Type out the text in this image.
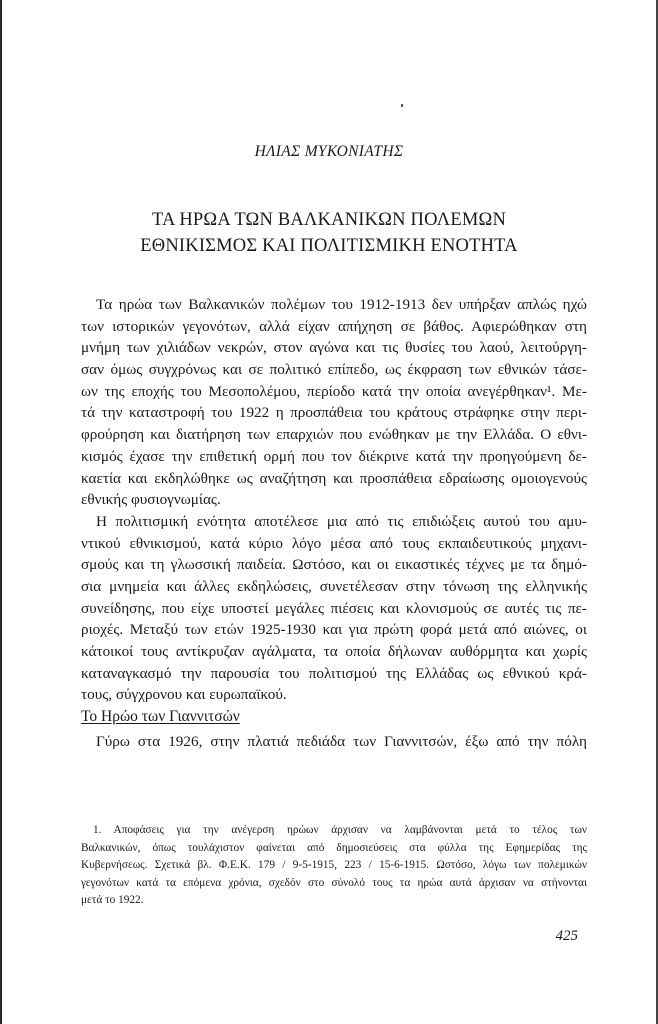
ΗΛΙΑΣ ΜΥΚΟΝΙΑΤΗΣ
ΤΑ ΗΡΩΑ ΤΩΝ ΒΑΛΚΑΝΙΚΩΝ ΠΟΛΕΜΩΝ
ΕΘΝΙΚΙΣΜΟΣ ΚΑΙ ΠΟΛΙΤΙΣΜΙΚΗ ΕΝΟΤΗΤΑ
Τα ηρώα των Βαλκανικών πολέμων του 1912-1913 δεν υπήρξαν απλώς ηχώ
των ιστορικών γεγονότων, αλλά είχαν απήχηση σε βάθος. Αφιερώθηκαν στη
μνήμη των χιλιάδων νεκρών, στον αγώνα και τις θυσίες του λαού, λειτούργη-
σαν όμως συγχρόνως και σε πολιτικό επίπεδο, ως έκφραση των εθνικών τάσε-
ων της εποχής του Μεσοπολέμου, περίοδο κατά την οποία ανεγέρθηκαν¹. Με-
τά την καταστροφή του 1922 η προσπάθεια του κράτους στράφηκε στην περι-
φρούρηση και διατήρηση των επαρχιών που ενώθηκαν με την Ελλάδα. Ο εθνι-
κισμός έχασε την επιθετική ορμή που τον διέκρινε κατά την προηγούμενη δε-
καετία και εκδηλώθηκε ως αναζήτηση και προσπάθεια εδραίωσης ομοιογενούς
εθνικής φυσιογνωμίας.
Η πολιτισμική ενότητα αποτέλεσε μια από τις επιδιώξεις αυτού του αμυ-
ντικού εθνικισμού, κατά κύριο λόγο μέσα από τους εκπαιδευτικούς μηχανι-
σμούς και τη γλωσσική παιδεία. Ωστόσο, και οι εικαστικές τέχνες με τα δημό-
σια μνημεία και άλλες εκδηλώσεις, συνετέλεσαν στην τόνωση της ελληνικής
συνείδησης, που είχε υποστεί μεγάλες πιέσεις και κλονισμούς σε αυτές τις πε-
ριοχές. Μεταξύ των ετών 1925-1930 και για πρώτη φορά μετά από αιώνες, οι
κάτοικοί τους αντίκρυζαν αγάλματα, τα οποία δήλωναν αυθόρμητα και χωρίς
καταναγκασμό την παρουσία του πολιτισμού της Ελλάδας ως εθνικού κρά-
τους, σύγχρονου και ευρωπαϊκού.
Το Ηρώο των Γιαννιτσών
Γύρω στα 1926, στην πλατιά πεδιάδα των Γιαννιτσών, έξω από την πόλη
1. Αποφάσεις για την ανέγερση ηρώων άρχισαν να λαμβάνονται μετά το τέλος των
Βαλκανικών, όπως τουλάχιστον φαίνεται από δημοσιεύσεις στα φύλλα της Εφημερίδας της
Κυβερνήσεως. Σχετικά βλ. Φ.Ε.Κ. 179 / 9-5-1915, 223 / 15-6-1915. Ωστόσο, λόγω των πολεμικών
γεγονότων κατά τα επόμενα χρόνια, σχεδόν στο σύνολό τους τα ηρώα αυτά άρχισαν να στήνονται
μετά το 1922.
425
